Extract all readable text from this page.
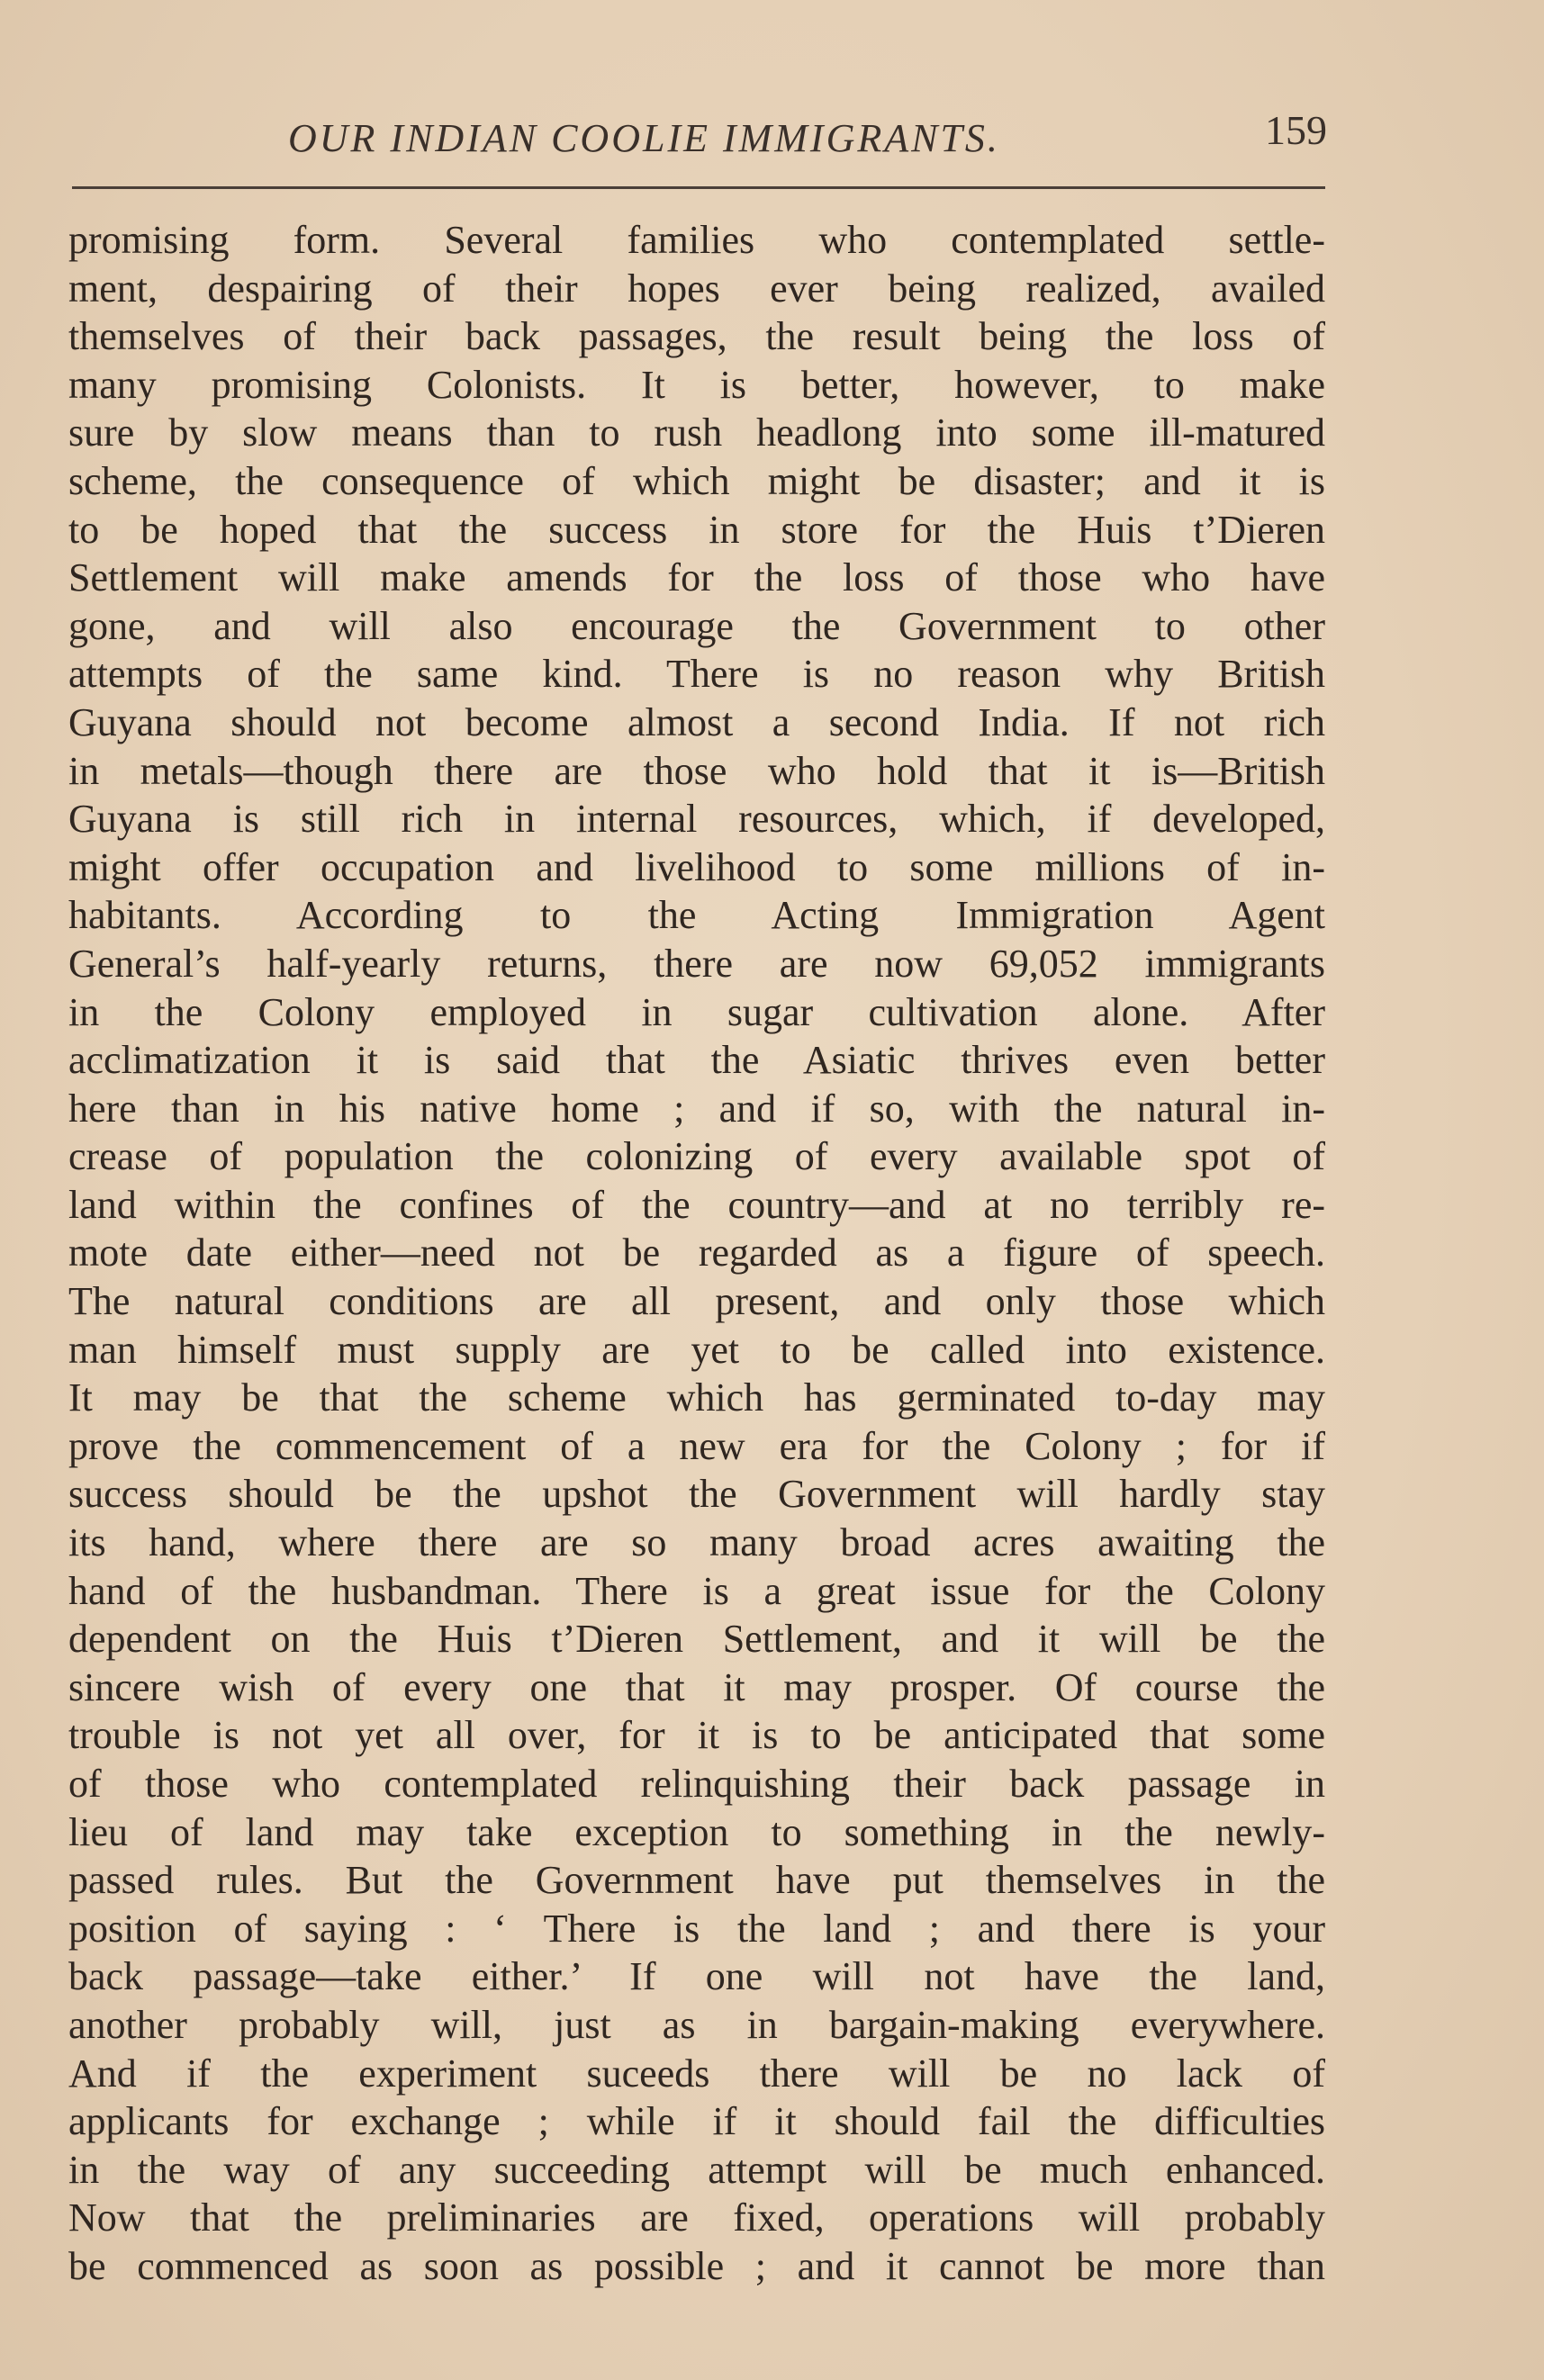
OUR INDIAN COOLIE IMMIGRANTS.	159
promising form. Several families who contemplated settle-
ment, despairing of their hopes ever being realized, availed
themselves of their back passages, the result being the loss of
many promising Colonists. It is better, however, to make
sure by slow means than to rush headlong into some ill-matured
scheme, the consequence of which might be disaster; and it is
to be hoped that the success in store for the Huis t’Dieren
Settlement will make amends for the loss of those who have
gone, and will also encourage the Government to other
attempts of the same kind. There is no reason why British
Guyana should not become almost a second India. If not rich
in metals—though there are those who hold that it is—British
Guyana is still rich in internal resources, which, if developed,
might offer occupation and livelihood to some millions of in-
habitants. According to the Acting Immigration Agent
General’s half-yearly returns, there are now 69,052 immigrants
in the Colony employed in sugar cultivation alone. After
acclimatization it is said that the Asiatic thrives even better
here than in his native home ; and if so, with the natural in-
crease of population the colonizing of every available spot of
land within the confines of the country—and at no terribly re-
mote date either—need not be regarded as a figure of speech.
The natural conditions are all present, and only those which
man himself must supply are yet to be called into existence.
It may be that the scheme which has germinated to-day may
prove the commencement of a new era for the Colony ; for if
success should be the upshot the Government will hardly stay
its hand, where there are so many broad acres awaiting the
hand of the husbandman. There is a great issue for the Colony
dependent on the Huis t’Dieren Settlement, and it will be the
sincere wish of every one that it may prosper. Of course the
trouble is not yet all over, for it is to be anticipated that some
of those who contemplated relinquishing their back passage in
lieu of land may take exception to something in the newly-
passed rules. But the Government have put themselves in the
position of saying : ‘ There is the land ; and there is your
back passage—take either.’ If one will not have the land,
another probably will, just as in bargain-making everywhere.
And if the experiment suceeds there will be no lack of
applicants for exchange ; while if it should fail the difficulties
in the way of any succeeding attempt will be much enhanced.
Now that the preliminaries are fixed, operations will probably
be commenced as soon as possible ; and it cannot be more than
